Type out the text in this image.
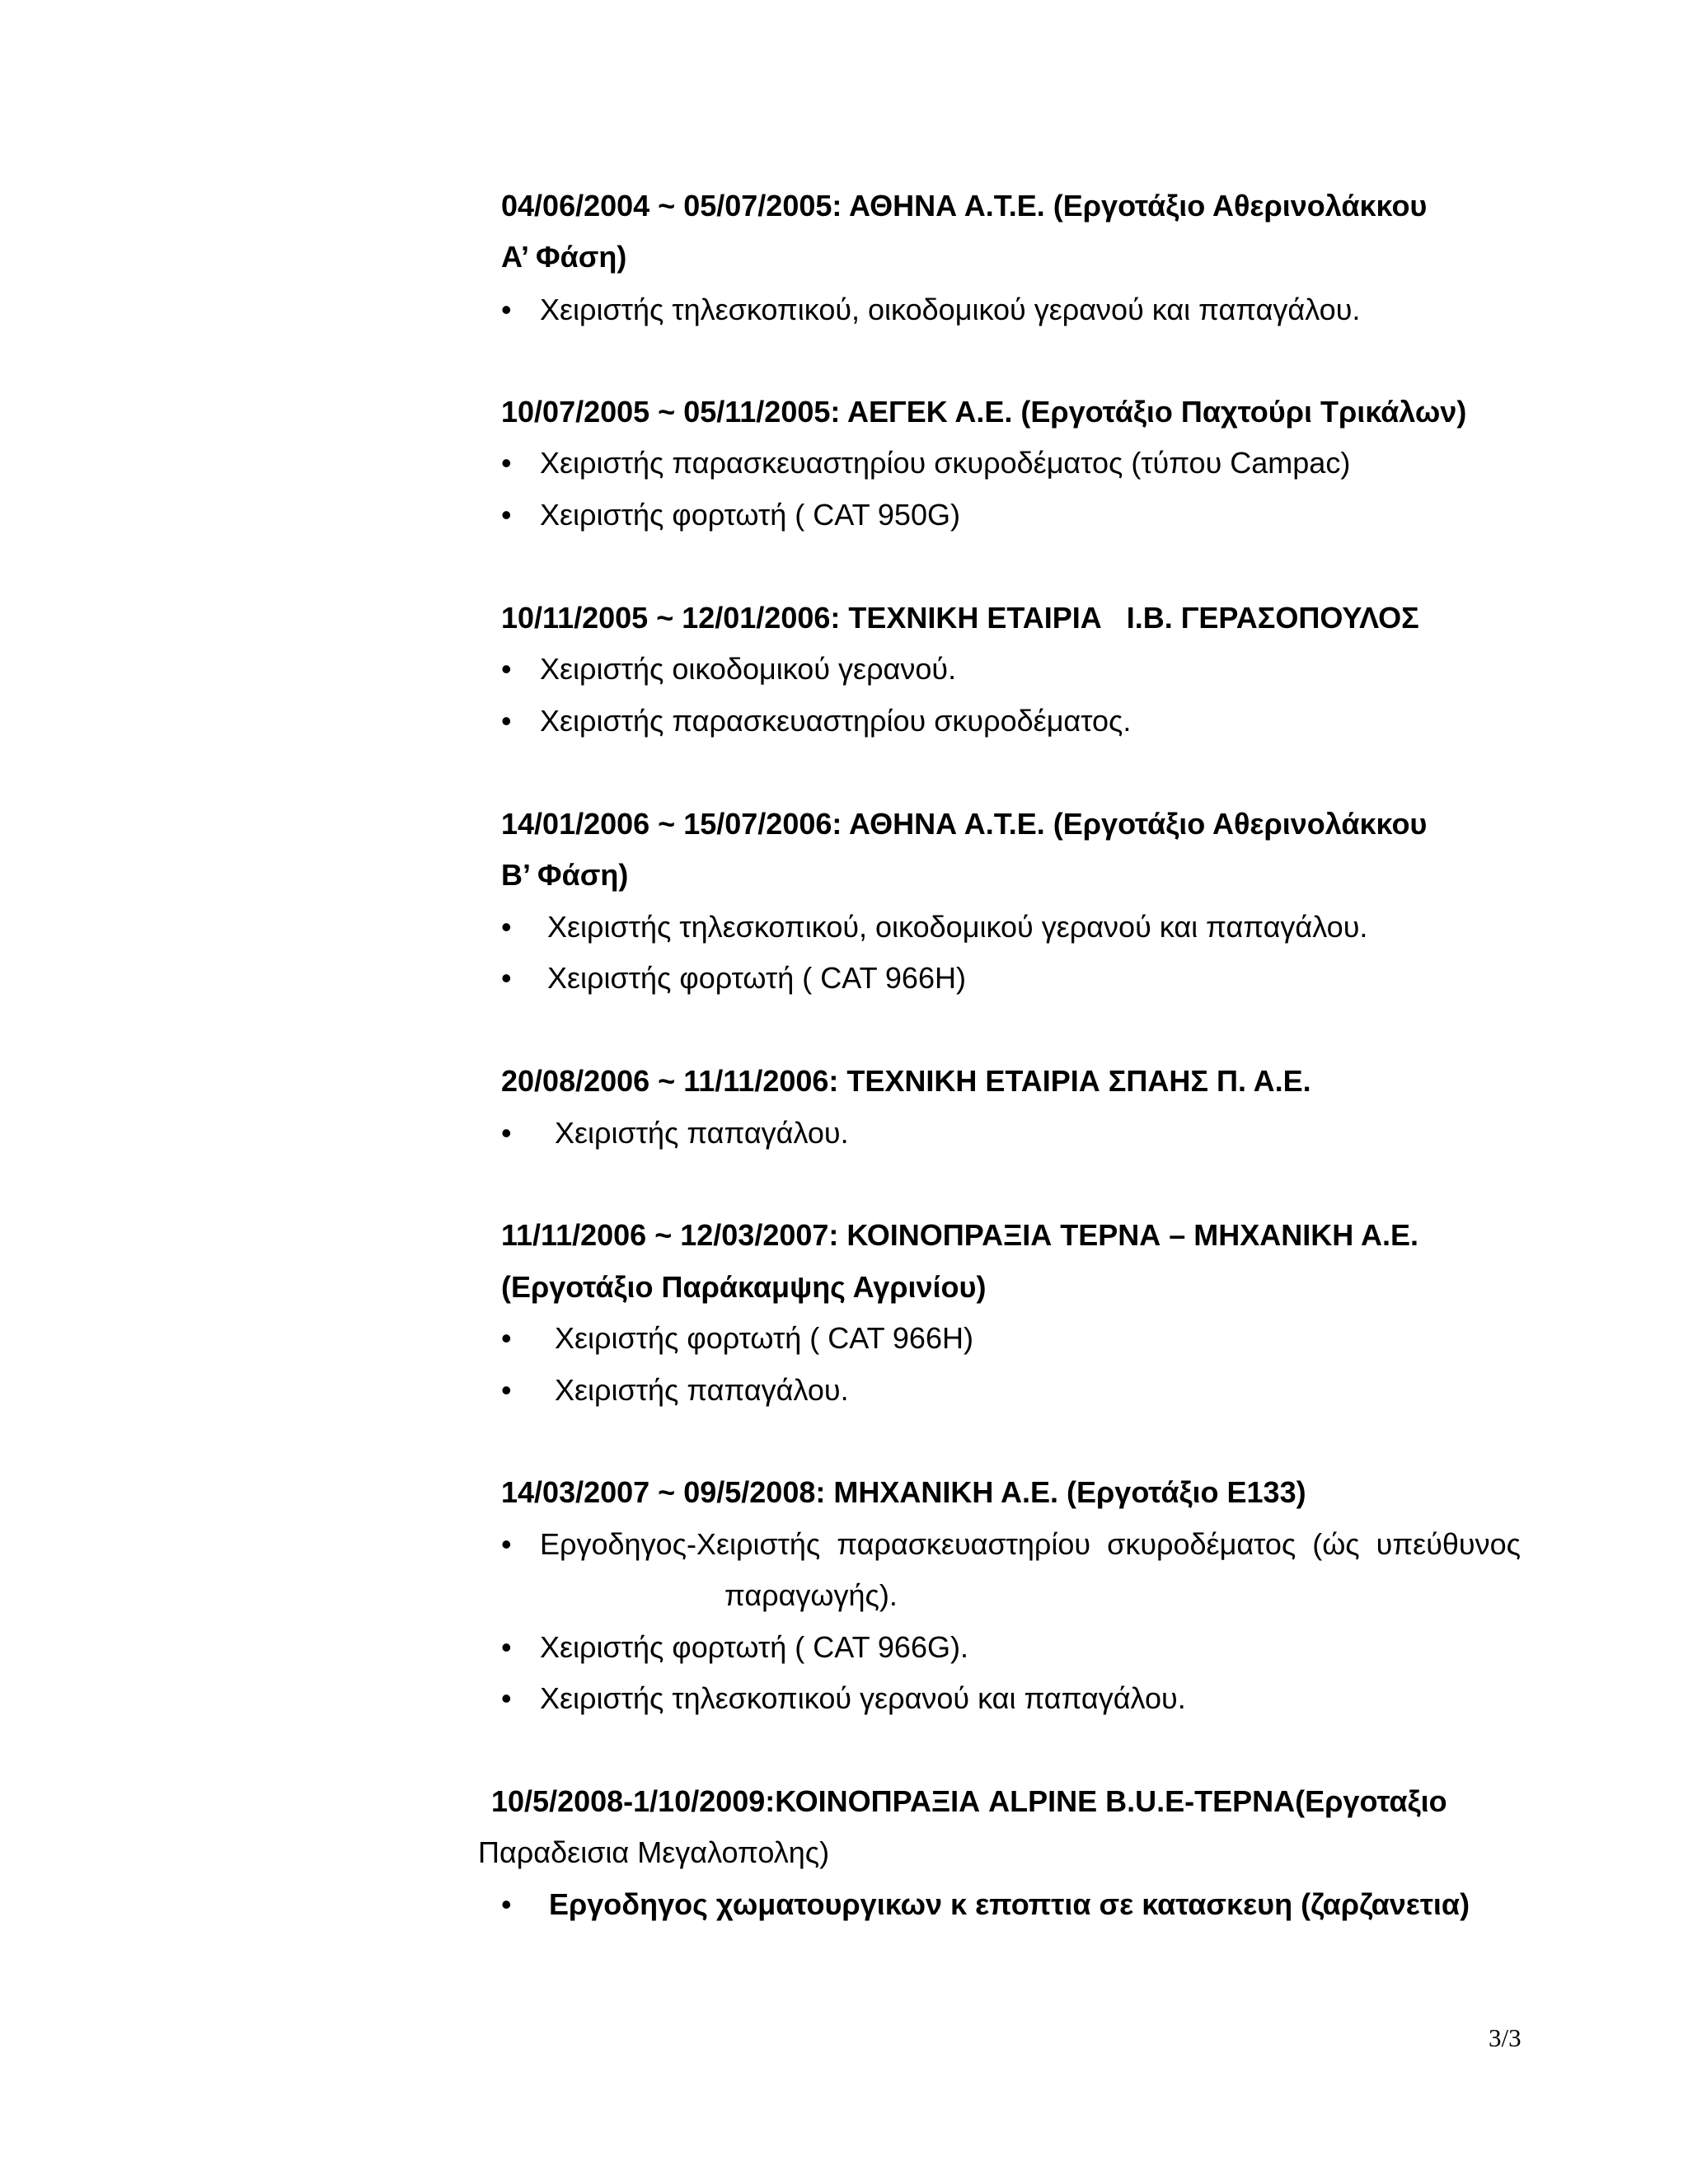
04/06/2004 ~ 05/07/2005: ΑΘΗΝΑ Α.Τ.Ε. (Εργοτάξιο Αθερινολάκκου
Α’ Φάση)
• Χειριστής τηλεσκοπικού, οικοδομικού γερανού και παπαγάλου.
10/07/2005 ~ 05/11/2005: ΑΕΓΕΚ Α.Ε. (Εργοτάξιο Παχτούρι Τρικάλων)
• Χειριστής παρασκευαστηρίου σκυροδέματος (τύπου Campac)
• Χειριστής φορτωτή ( CAT 950G)
10/11/2005 ~ 12/01/2006: ΤΕΧΝΙΚΗ ΕΤΑΙΡΙΑ   Ι.Β. ΓΕΡΑΣΟΠΟΥΛΟΣ
• Χειριστής οικοδομικού γερανού.
• Χειριστής παρασκευαστηρίου σκυροδέματος.
14/01/2006 ~ 15/07/2006: ΑΘΗΝΑ Α.Τ.Ε. (Εργοτάξιο Αθερινολάκκου
Β’ Φάση)
• Χειριστής τηλεσκοπικού, οικοδομικού γερανού και παπαγάλου.
• Χειριστής φορτωτή ( CAT 966H)
20/08/2006 ~ 11/11/2006: ΤΕΧΝΙΚΗ ΕΤΑΙΡΙΑ ΣΠΑΗΣ Π. Α.Ε.
• Χειριστής παπαγάλου.
11/11/2006 ~ 12/03/2007: ΚΟΙΝΟΠΡΑΞΙΑ ΤΕΡΝΑ – ΜΗΧΑΝΙΚΗ Α.Ε.
(Εργοτάξιο Παράκαμψης Αγρινίου)
• Χειριστής φορτωτή ( CAT 966H)
• Χειριστής παπαγάλου.
14/03/2007 ~ 09/5/2008: ΜΗΧΑΝΙΚΗ Α.Ε. (Εργοτάξιο Ε133)
• Εργοδηγος-Χειριστής παρασκευαστηρίου σκυροδέματος (ώς υπεύθυνος
παραγωγής).
• Χειριστής φορτωτή ( CAT 966G).
• Χειριστής τηλεσκοπικού γερανού και παπαγάλου.
10/5/2008-1/10/2009:ΚΟΙΝΟΠΡΑΞΙΑ ALPINE B.U.E-ΤΕΡΝΑ(Εργοταξιο
Παραδεισια Μεγαλοπολης)
• Εργοδηγος χωματουργικων κ εποπτια σε κατασκευη (ζαρζανετια)
3/3
